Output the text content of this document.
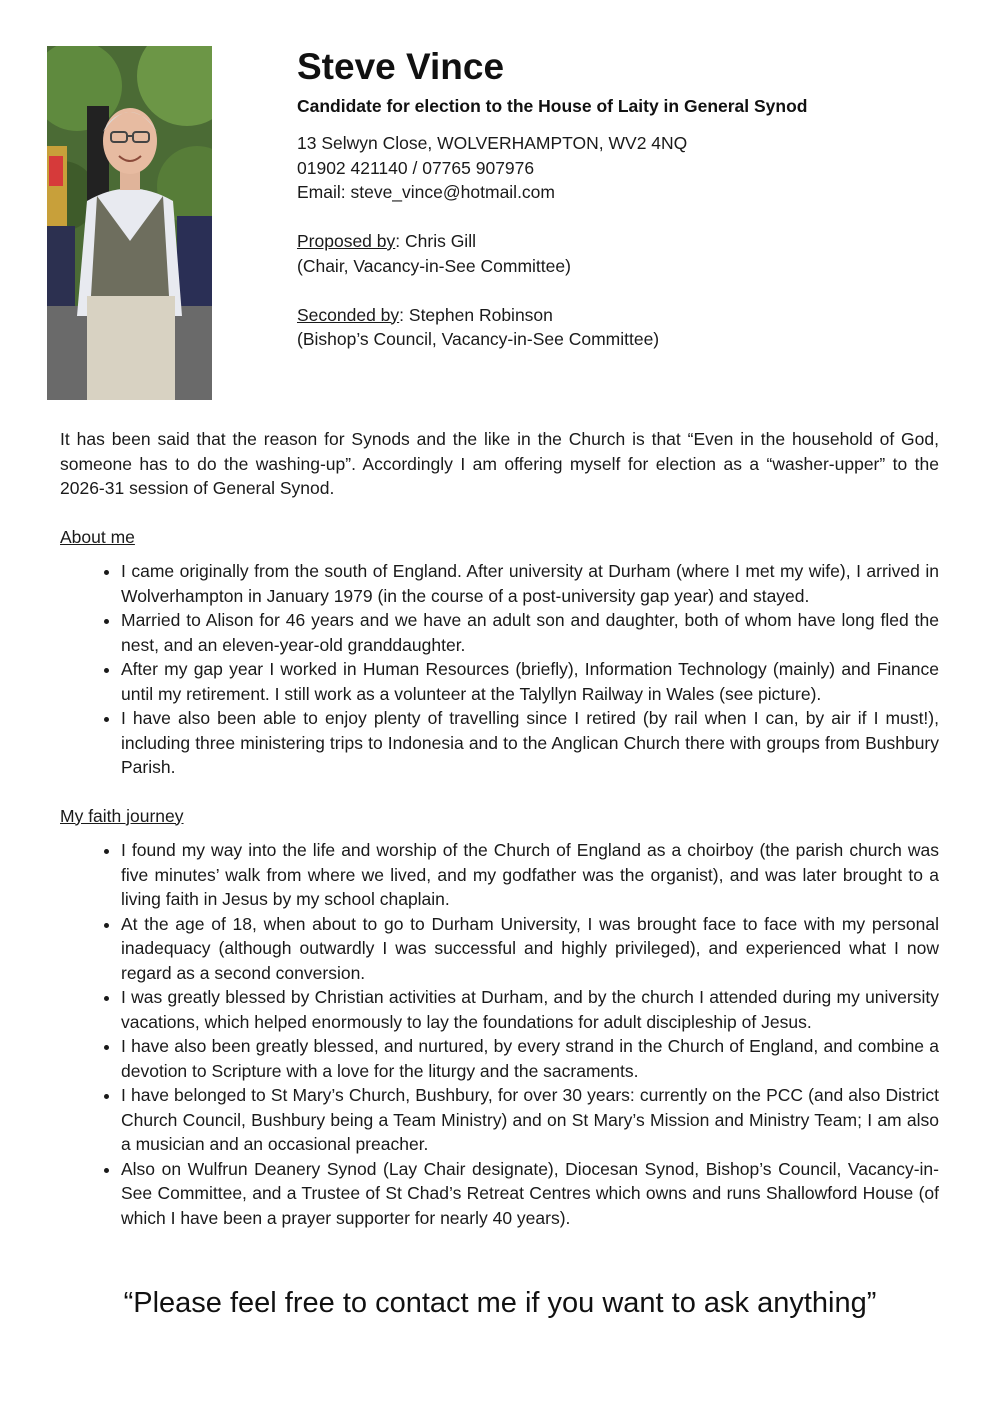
Steve Vince
Candidate for election to the House of Laity in General Synod
13 Selwyn Close, WOLVERHAMPTON, WV2 4NQ
01902 421140 / 07765 907976
Email: steve_vince@hotmail.com
Proposed by: Chris Gill
(Chair, Vacancy-in-See Committee)
Seconded by: Stephen Robinson
(Bishop’s Council, Vacancy-in-See Committee)

It has been said that the reason for Synods and the like in the Church is that “Even in the household of God, someone has to do the washing-up”. Accordingly I am offering myself for election as a “washer-upper” to the 2026-31 session of General Synod.

About me
• I came originally from the south of England. After university at Durham (where I met my wife), I arrived in Wolverhampton in January 1979 (in the course of a post-university gap year) and stayed.
• Married to Alison for 46 years and we have an adult son and daughter, both of whom have long fled the nest, and an eleven-year-old granddaughter.
• After my gap year I worked in Human Resources (briefly), Information Technology (mainly) and Finance until my retirement. I still work as a volunteer at the Talyllyn Railway in Wales (see picture).
• I have also been able to enjoy plenty of travelling since I retired (by rail when I can, by air if I must!), including three ministering trips to Indonesia and to the Anglican Church there with groups from Bushbury Parish.
My faith journey
• I found my way into the life and worship of the Church of England as a choirboy (the parish church was five minutes’ walk from where we lived, and my godfather was the organist), and was later brought to a living faith in Jesus by my school chaplain.
• At the age of 18, when about to go to Durham University, I was brought face to face with my personal inadequacy (although outwardly I was successful and highly privileged), and experienced what I now regard as a second conversion.
• I was greatly blessed by Christian activities at Durham, and by the church I attended during my university vacations, which helped enormously to lay the foundations for adult discipleship of Jesus.
• I have also been greatly blessed, and nurtured, by every strand in the Church of England, and combine a devotion to Scripture with a love for the liturgy and the sacraments.
• I have belonged to St Mary’s Church, Bushbury, for over 30 years: currently on the PCC (and also District Church Council, Bushbury being a Team Ministry) and on St Mary’s Mission and Ministry Team; I am also a musician and an occasional preacher.
• Also on Wulfrun Deanery Synod (Lay Chair designate), Diocesan Synod, Bishop’s Council, Vacancy-in-See Committee, and a Trustee of St Chad’s Retreat Centres which owns and runs Shallowford House (of which I have been a prayer supporter for nearly 40 years).
“Please feel free to contact me if you want to ask anything”
